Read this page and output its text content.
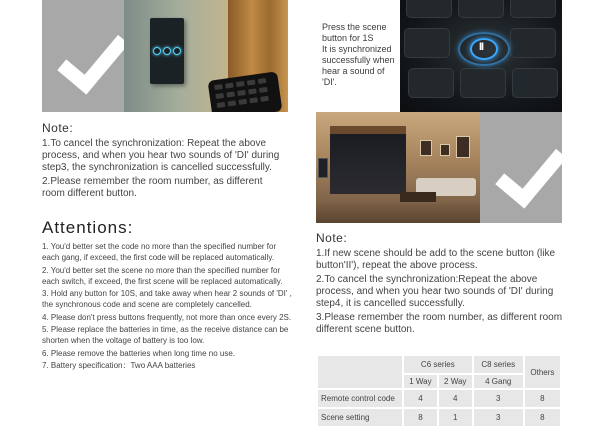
Note:
1.To cancel the synchronization: Repeat the above process, and when you hear two sounds of 'DI' during step3, the synchronization is cancelled successfully.
2.Please remember the room number, as different room different button.
Attentions:
1. You'd better set the code no more than the specified number for each gang, if exceed, the first code will be replaced automatically.
2. You'd better set the scene no more than the specified number for each switch, if exceed, the first scene will be replaced automatically.
3. Hold any button for 10S, and take away when hear 2 sounds of 'DI' , the synchronous code and scene are completely cancelled.
4. Please don't press buttons frequently, not more than once every 2S.
5. Please replace the batteries in time, as the receive distance can be shorten when the voltage of battery is too low.
6. Please remove the batteries when long time no use.
7. Battery specification：Two AAA batteries
Press the scene
button for 1S
It is synchronized
successfully when
hear a sound of 'DI'.
II
Note:
1.If new scene should be add to the scene button (like button'II'), repeat the above process.
2.To cancel the synchronization:Repeat the above process, and when you hear two sounds of 'DI' during step4, it is cancelled successfully.
3.Please remember the room number, as different room different scene button.
	C6 series		C8 series	Others
	1 Way	2 Way	4 Gang	
Remote control code	4	4	3	8
Scene setting	8	1	3	8
